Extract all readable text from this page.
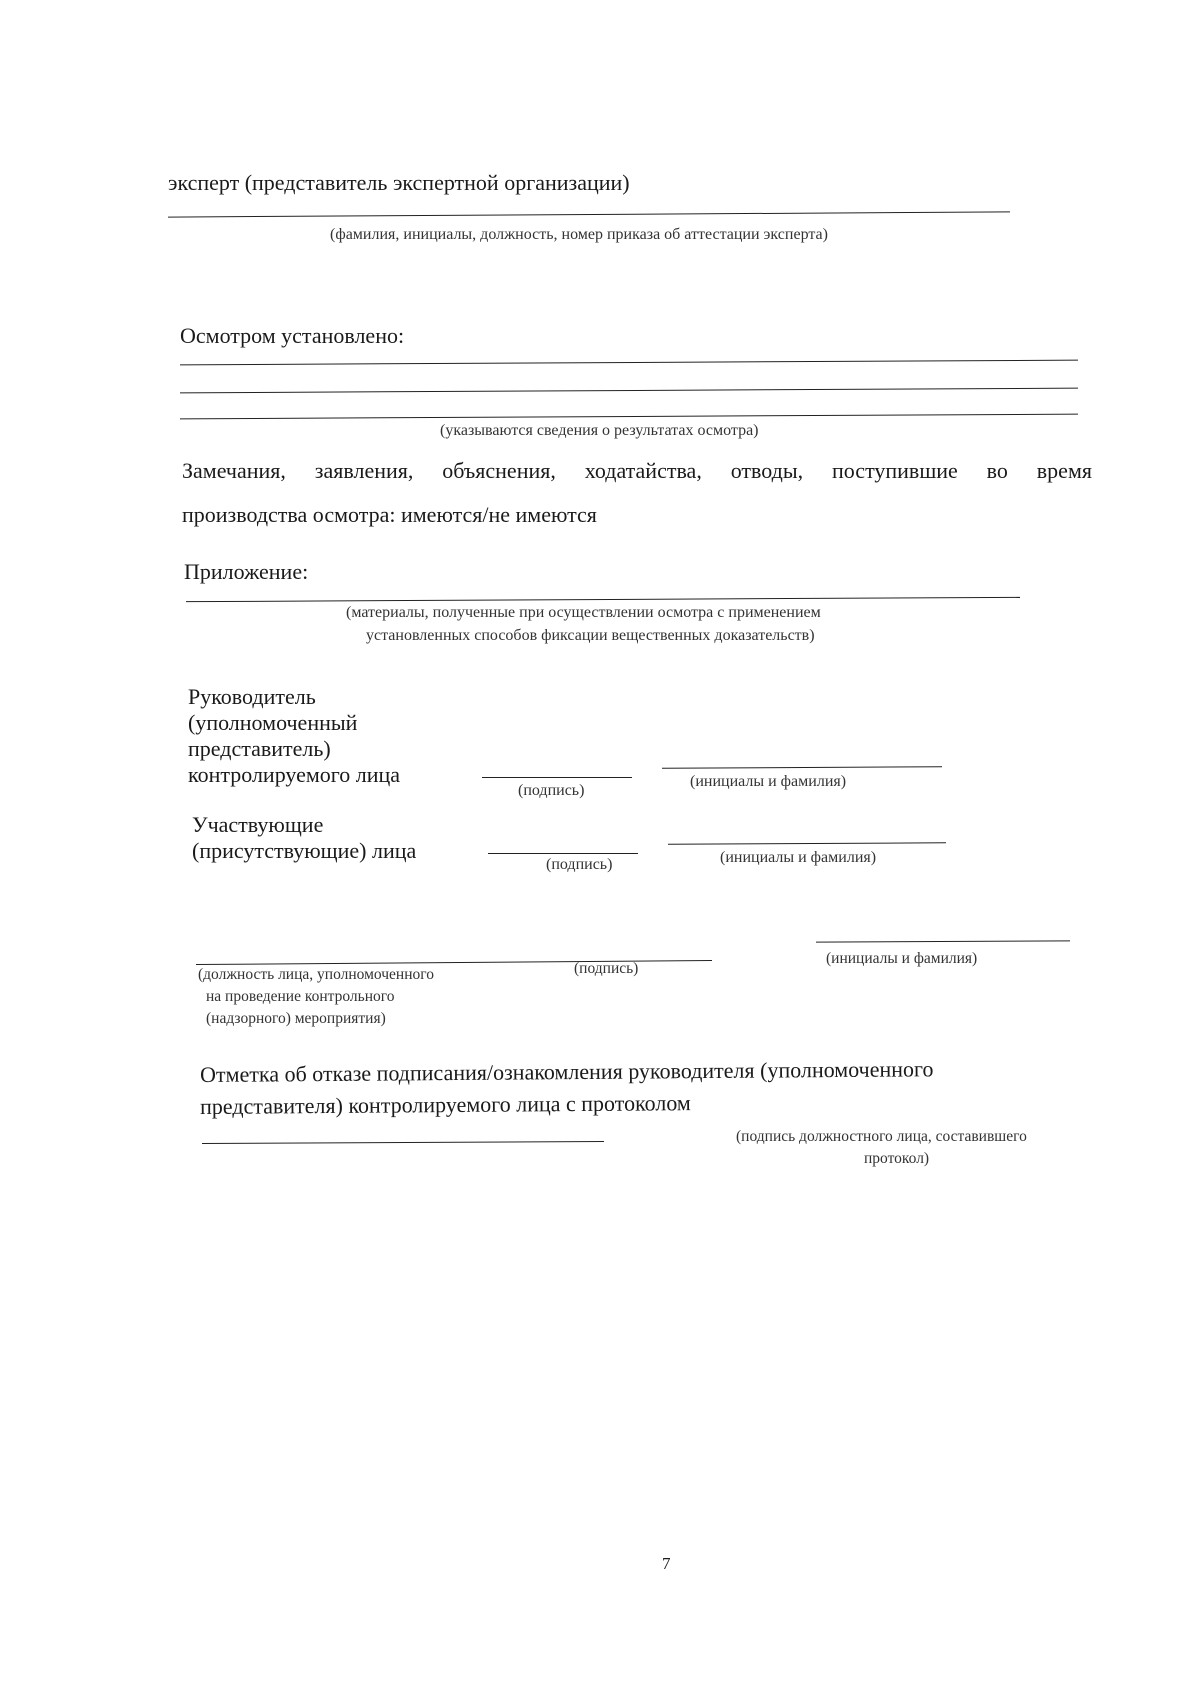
эксперт (представитель экспертной организации)
(фамилия, инициалы, должность, номер приказа об аттестации эксперта)
Осмотром установлено:
(указываются сведения о результатах осмотра)
Замечания, заявления, объяснения, ходатайства, отводы, поступившие во время
производства осмотра: имеются/не имеются
Приложение:
(материалы, полученные при осуществлении осмотра с применением
установленных способов фиксации вещественных доказательств)
Руководитель
(уполномоченный
представитель)
контролируемого лица
(подпись)
(инициалы и фамилия)
Участвующие
(присутствующие) лица
(подпись)	(инициалы и фамилия)
(должность лица, уполномоченного
на проведение контрольного
(надзорного) мероприятия)
(подпись)
(инициалы и фамилия)
Отметка об отказе подписания/ознакомления руководителя (уполномоченного
представителя) контролируемого лица с протоколом
(подпись должностного лица, составившего
протокол)
7
